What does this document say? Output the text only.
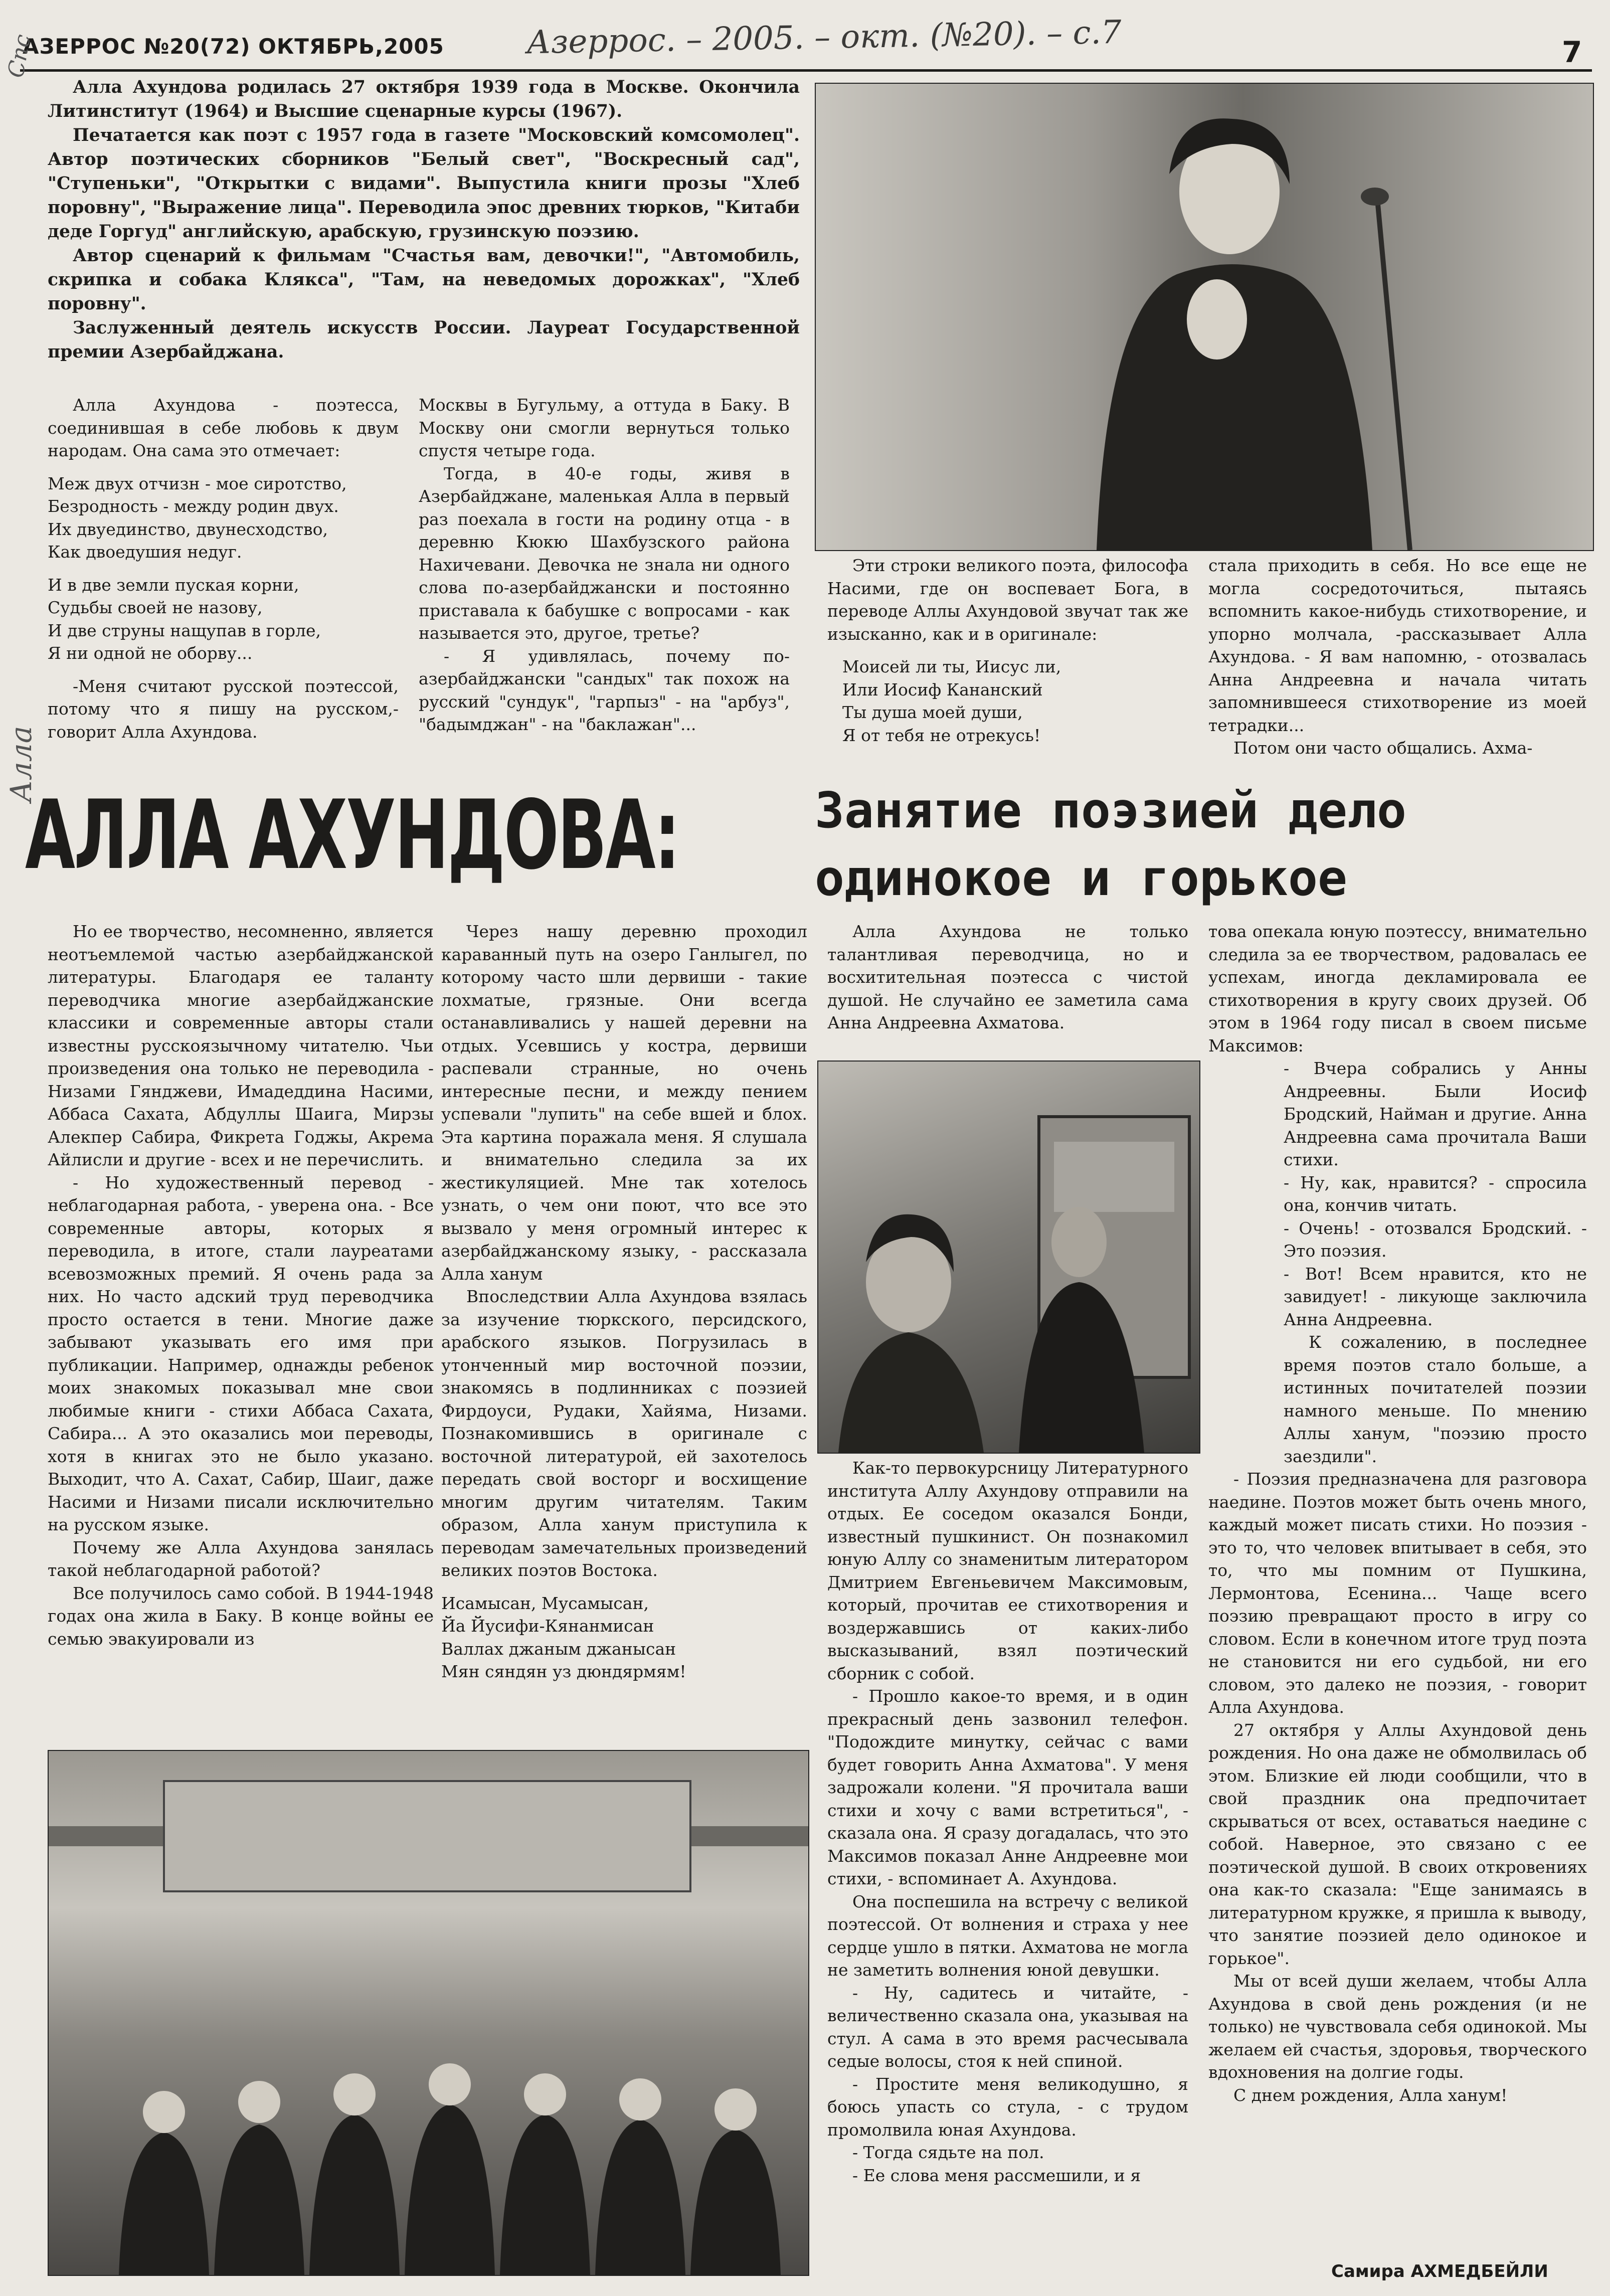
АЗЕРРОС №20(72) ОКТЯБРЬ,2005	Азеррос. – 2005. – окт. (№20). – с.7	7
Спс
Алла

Алла Ахундова родилась 27 октября 1939 года в Москве. Окончила Литинститут (1964) и Высшие сценарные курсы (1967).

Печатается как поэт с 1957 года в газете "Московский комсомолец". Автор поэтических сборников "Белый свет", "Воскресный сад", "Ступеньки", "Открытки с видами". Выпустила книги прозы "Хлеб поровну", "Выражение лица". Переводила эпос древних тюрков, "Китаби деде Горгуд" английскую, арабскую, грузинскую поэзию.

Автор сценарий к фильмам "Счастья вам, девочки!", "Автомобиль, скрипка и собака Клякса", "Там, на неведомых дорожках", "Хлеб поровну".

Заслуженный деятель искусств России. Лауреат Государственной премии Азербайджана.

Алла Ахундова - поэтесса, соединившая в себе любовь к двум народам. Она сама это отмечает:

Меж двух отчизн - мое сиротство,
Безродность - между родин двух.
Их двуединство, двунесходство,
Как двоедушия недуг.
И в две земли пуская корни,
Судьбы своей не назову,
И две струны нащупав в горле,
Я ни одной не оборву...

-Меня считают русской поэтессой, потому что я пишу на русском,- говорит Алла Ахундова.

Москвы в Бугульму, а оттуда в Баку. В Москву они смогли вернуться только спустя четыре года.

Тогда, в 40-е годы, живя в Азербайджане, маленькая Алла в первый раз поехала в гости на родину отца - в деревню Кюкю Шахбузского района Нахичевани. Девочка не знала ни одного слова по-азербайджански и постоянно приставала к бабушке с вопросами - как называется это, другое, третье?

- Я удивлялась, почему по-азербайджански "сандых" так похож на русский "сундук", "гарпыз" - на "арбуз", "бадымджан" - на "баклажан"...

Эти строки великого поэта, философа Насими, где он воспевает Бога, в переводе Аллы Ахундовой звучат так же изысканно, как и в оригинале:

Моисей ли ты, Иисус ли,
Или Иосиф Кананский
Ты душа моей души,
Я от тебя не отрекусь!

стала приходить в себя. Но все еще не могла сосредоточиться, пытаясь вспомнить какое-нибудь стихотворение, и упорно молчала, -рассказывает Алла Ахундова. - Я вам напомню, - отозвалась Анна Андреевна и начала читать запомнившееся стихотворение из моей тетрадки...

Потом они часто общались. Ахма-

АЛЛА АХУНДОВА:	Занятие поэзией дело одинокое и горькое

Но ее творчество, несомненно, является неотъемлемой частью азербайджанской литературы. Благодаря ее таланту переводчика многие азербайджанские классики и современные авторы стали известны русскоязычному читателю. Чьи произведения она только не переводила - Низами Гянджеви, Имадеддина Насими, Аббаса Сахата, Абдуллы Шаига, Мирзы Алекпер Сабира, Фикрета Годжы, Акрема Айлисли и другие - всех и не перечислить.

- Но художественный перевод - неблагодарная работа, - уверена она. - Все современные авторы, которых я переводила, в итоге, стали лауреатами всевозможных премий. Я очень рада за них. Но часто адский труд переводчика просто остается в тени. Многие даже забывают указывать его имя при публикации. Например, однажды ребенок моих знакомых показывал мне свои любимые книги - стихи Аббаса Сахата, Сабира... А это оказались мои переводы, хотя в книгах это не было указано. Выходит, что А. Сахат, Сабир, Шаиг, даже Насими и Низами писали исключительно на русском языке.

Почему же Алла Ахундова занялась такой неблагодарной работой?

Все получилось само собой. В 1944-1948 годах она жила в Баку. В конце войны ее семью эвакуировали из

Через нашу деревню проходил караванный путь на озеро Ганлыгел, по которому часто шли дервиши - такие лохматые, грязные. Они всегда останавливались у нашей деревни на отдых. Усевшись у костра, дервиши распевали странные, но очень интересные песни, и между пением успевали "лупить" на себе вшей и блох. Эта картина поражала меня. Я слушала и внимательно следила за их жестикуляцией. Мне так хотелось узнать, о чем они поют, что все это вызвало у меня огромный интерес к азербайджанскому языку, - рассказала Алла ханум

Впоследствии Алла Ахундова взялась за изучение тюркского, персидского, арабского языков. Погрузилась в утонченный мир восточной поэзии, знакомясь в подлинниках с поэзией Фирдоуси, Рудаки, Хайяма, Низами. Познакомившись в оригинале с восточной литературой, ей захотелось передать свой восторг и восхищение многим другим читателям. Таким образом, Алла ханум приступила к переводам замечательных произведений великих поэтов Востока.

Исамысан, Мусамысан,
Йа Йусифи-Кянанмисан
Валлах джаным джанысан
Мян сяндян уз дюндярмям!

Алла Ахундова не только талантливая переводчица, но и восхитительная поэтесса с чистой душой. Не случайно ее заметила сама Анна Андреевна Ахматова.

Как-то первокурсницу Литературного института Аллу Ахундову отправили на отдых. Ее соседом оказался Бонди, известный пушкинист. Он познакомил юную Аллу со знаменитым литератором Дмитрием Евгеньевичем Максимовым, который, прочитав ее стихотворения и воздержавшись от каких-либо высказываний, взял поэтический сборник с собой.

- Прошло какое-то время, и в один прекрасный день зазвонил телефон. "Подождите минутку, сейчас с вами будет говорить Анна Ахматова". У меня задрожали колени. "Я прочитала ваши стихи и хочу с вами встретиться", - сказала она. Я сразу догадалась, что это Максимов показал Анне Андреевне мои стихи, - вспоминает А. Ахундова.

Она поспешила на встречу с великой поэтессой. От волнения и страха у нее сердце ушло в пятки. Ахматова не могла не заметить волнения юной девушки.

- Ну, садитесь и читайте, - величественно сказала она, указывая на стул. А сама в это время расчесывала седые волосы, стоя к ней спиной.

- Простите меня великодушно, я боюсь упасть со стула, - с трудом промолвила юная Ахундова.

- Тогда сядьте на пол.

- Ее слова меня рассмешили, и я

това опекала юную поэтессу, внимательно следила за ее творчеством, радовалась ее успехам, иногда декламировала ее стихотворения в кругу своих друзей. Об этом в 1964 году писал в своем письме Максимов:

- Вчера собрались у Анны Андреевны. Были Иосиф Бродский, Найман и другие. Анна Андреевна сама прочитала Ваши стихи.

- Ну, как, нравится? - спросила она, кончив читать.

- Очень! - отозвался Бродский. - Это поэзия.

- Вот! Всем нравится, кто не завидует! - ликующе заключила Анна Андреевна.

К сожалению, в последнее время поэтов стало больше, а истинных почитателей поэзии намного меньше. По мнению Аллы ханум, "поэзию просто заездили".

- Поэзия предназначена для разговора наедине. Поэтов может быть очень много, каждый может писать стихи. Но поэзия - это то, что человек впитывает в себя, это то, что мы помним от Пушкина, Лермонтова, Есенина... Чаще всего поэзию превращают просто в игру со словом. Если в конечном итоге труд поэта не становится ни его судьбой, ни его словом, это далеко не поэзия, - говорит Алла Ахундова.

27 октября у Аллы Ахундовой день рождения. Но она даже не обмолвилась об этом. Близкие ей люди сообщили, что в свой праздник она предпочитает скрываться от всех, оставаться наедине с собой. Наверное, это связано с ее поэтической душой. В своих откровениях она как-то сказала: "Еще занимаясь в литературном кружке, я пришла к выводу, что занятие поэзией дело одинокое и горькое".

Мы от всей души желаем, чтобы Алла Ахундова в свой день рождения (и не только) не чувствовала себя одинокой. Мы желаем ей счастья, здоровья, творческого вдохновения на долгие годы.

С днем рождения, Алла ханум!

Самира АХМЕДБЕЙЛИ
